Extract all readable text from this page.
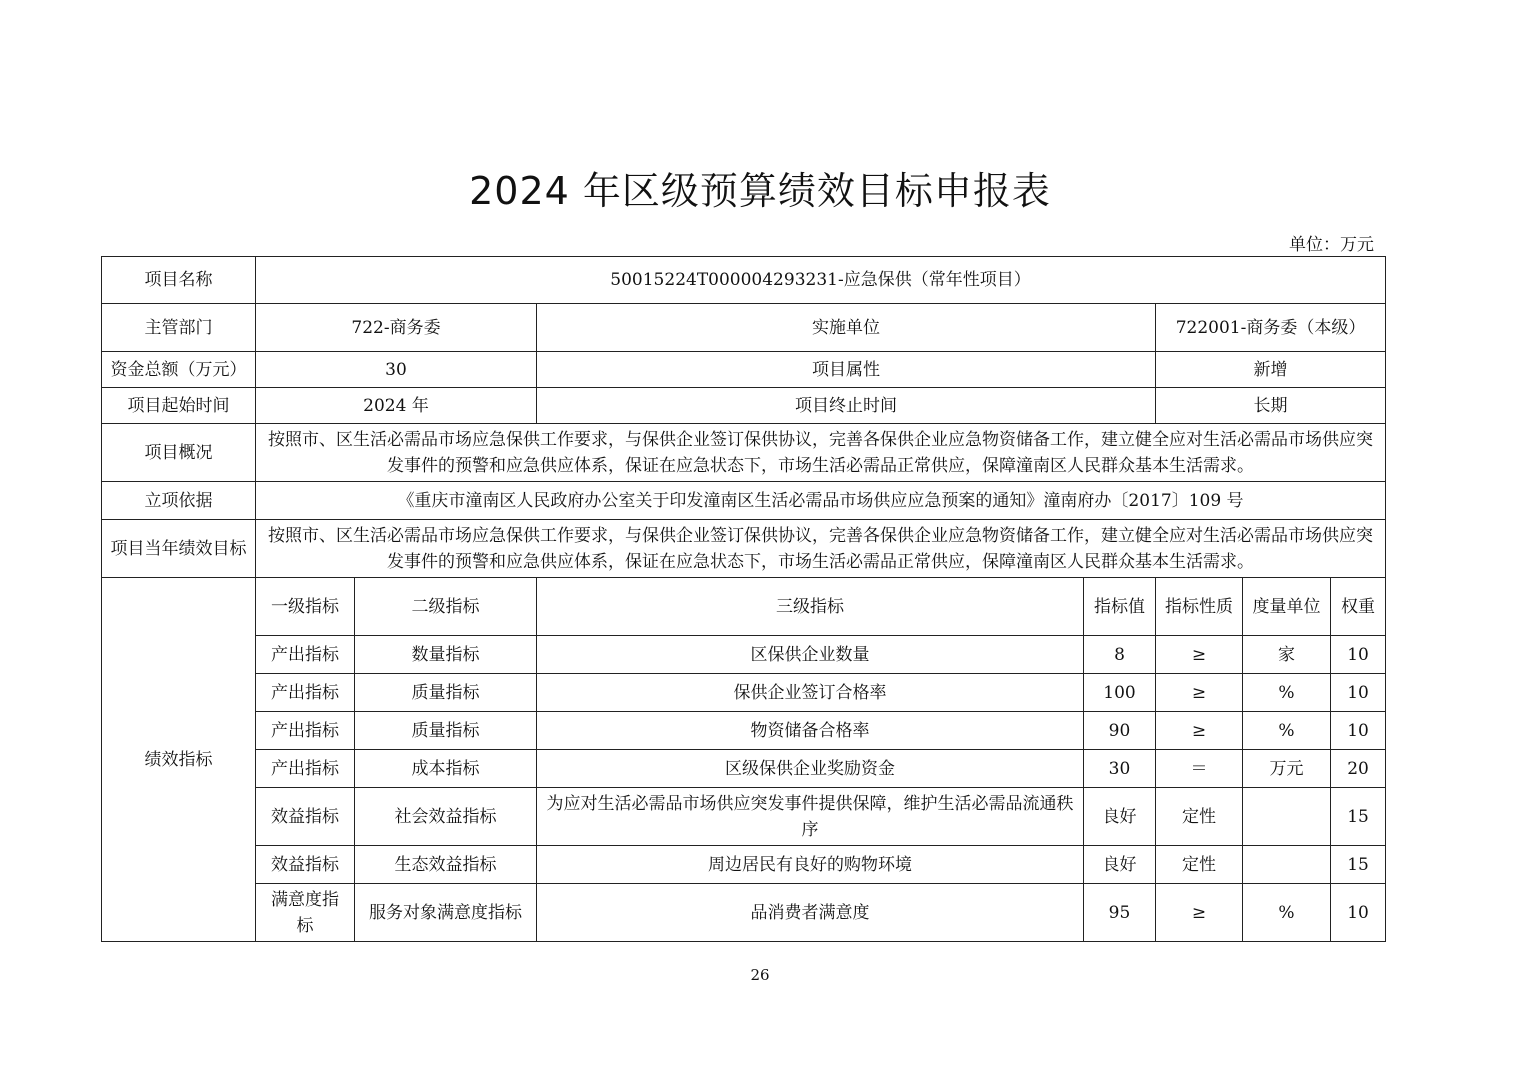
2024 年区级预算绩效目标申报表
单位：万元
项目名称	50015224T000004293231-应急保供（常年性项目）						
主管部门	722-商务委		实施单位		722001-商务委（本级）		
资金总额（万元）	30		项目属性		新增		
项目起始时间	2024 年		项目终止时间		长期		
项目概况	按照市、区生活必需品市场应急保供工作要求，与保供企业签订保供协议，完善各保供企业应急物资储备工作，建立健全应对生活必需品市场供应突发事件的预警和应急供应体系，保证在应急状态下，市场生活必需品正常供应，保障潼南区人民群众基本生活需求。						
立项依据	《重庆市潼南区人民政府办公室关于印发潼南区生活必需品市场供应应急预案的通知》潼南府办〔2017〕109 号						
项目当年绩效目标	按照市、区生活必需品市场应急保供工作要求，与保供企业签订保供协议，完善各保供企业应急物资储备工作，建立健全应对生活必需品市场供应突发事件的预警和应急供应体系，保证在应急状态下，市场生活必需品正常供应，保障潼南区人民群众基本生活需求。						
绩效指标	一级指标	二级指标	三级指标	指标值	指标性质	度量单位	权重
	产出指标	数量指标	区保供企业数量	8	≥	家	10
	产出指标	质量指标	保供企业签订合格率	100	≥	%	10
	产出指标	质量指标	物资储备合格率	90	≥	%	10
	产出指标	成本指标	区级保供企业奖励资金	30	＝	万元	20
	效益指标	社会效益指标	为应对生活必需品市场供应突发事件提供保障，维护生活必需品流通秩序	良好	定性		15
	效益指标	生态效益指标	周边居民有良好的购物环境	良好	定性		15
	满意度指标	服务对象满意度指标	品消费者满意度	95	≥	%	10
26
